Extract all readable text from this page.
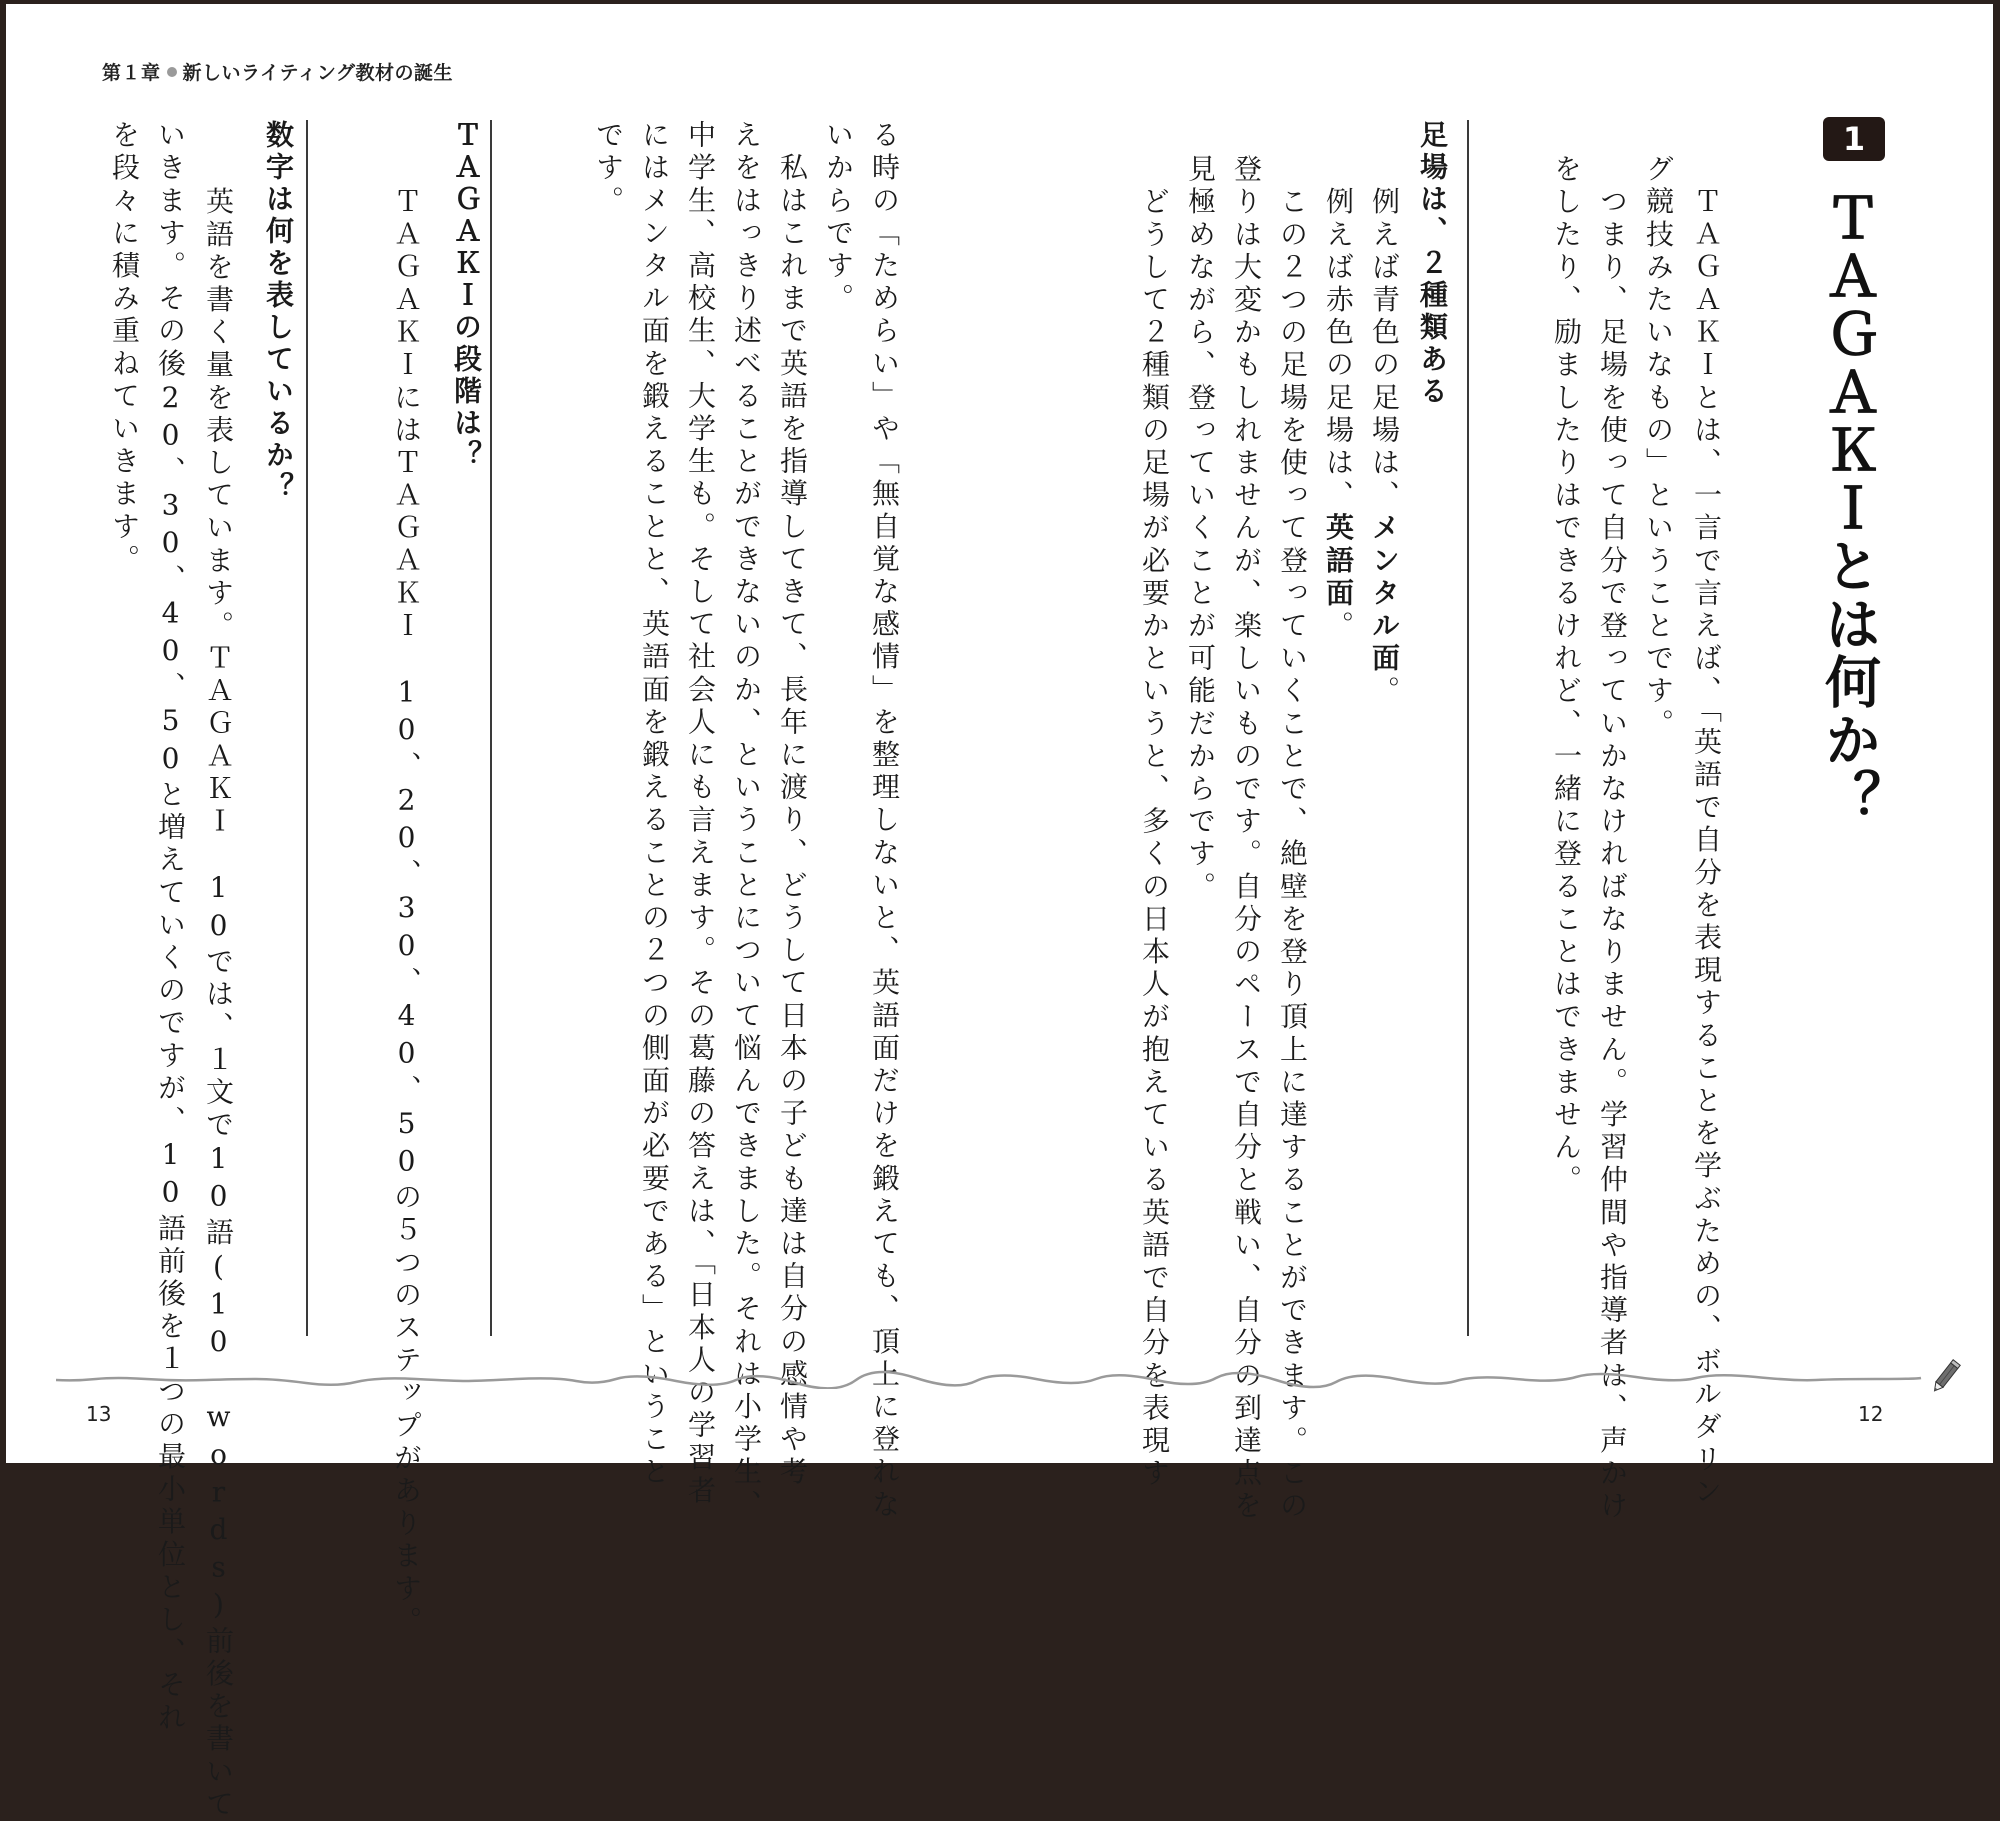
第１章 新しいライティング教材の誕生
1
ＴＡＧＡＫＩとは何か？
　ＴＡＧＡＫＩとは、一言で言えば、「英語で自分を表現することを学ぶための、ボルダリン
グ競技みたいなもの」ということです。
　つまり、足場を使って自分で登っていかなければなりません。学習仲間や指導者は、声かけ
をしたり、励ましたりはできるけれど、一緒に登ることはできません。
足場は、２種類ある
　例えば青色の足場は、メンタル面。
　例えば赤色の足場は、英語面。
　この２つの足場を使って登っていくことで、絶壁を登り頂上に達することができます。この
登りは大変かもしれませんが、楽しいものです。自分のペースで自分と戦い、自分の到達点を
見極めながら、登っていくことが可能だからです。
　どうして２種類の足場が必要かというと、多くの日本人が抱えている英語で自分を表現す
る時の「ためらい」や「無自覚な感情」を整理しないと、英語面だけを鍛えても、頂上に登れな
いからです。
　私はこれまで英語を指導してきて、長年に渡り、どうして日本の子ども達は自分の感情や考
えをはっきり述べることができないのか、ということについて悩んできました。それは小学生、
中学生、高校生、大学生も。そして社会人にも言えます。その葛藤の答えは、「日本人の学習者
にはメンタル面を鍛えることと、英語面を鍛えることの２つの側面が必要である」ということ
です。
ＴＡＧＡＫＩの段階は？
　ＴＡＧＡＫＩにはＴＡＧＡＫＩ　10、20、30、40、50の５つのステップがあります。
数字は何を表しているか？
　英語を書く量を表しています。ＴＡＧＡＫＩ　10では、１文で10語(10 words)前後を書いて
いきます。その後20、30、40、50と増えていくのですが、10語前後を１つの最小単位とし、それ
を段々に積み重ねていきます。
13	12
